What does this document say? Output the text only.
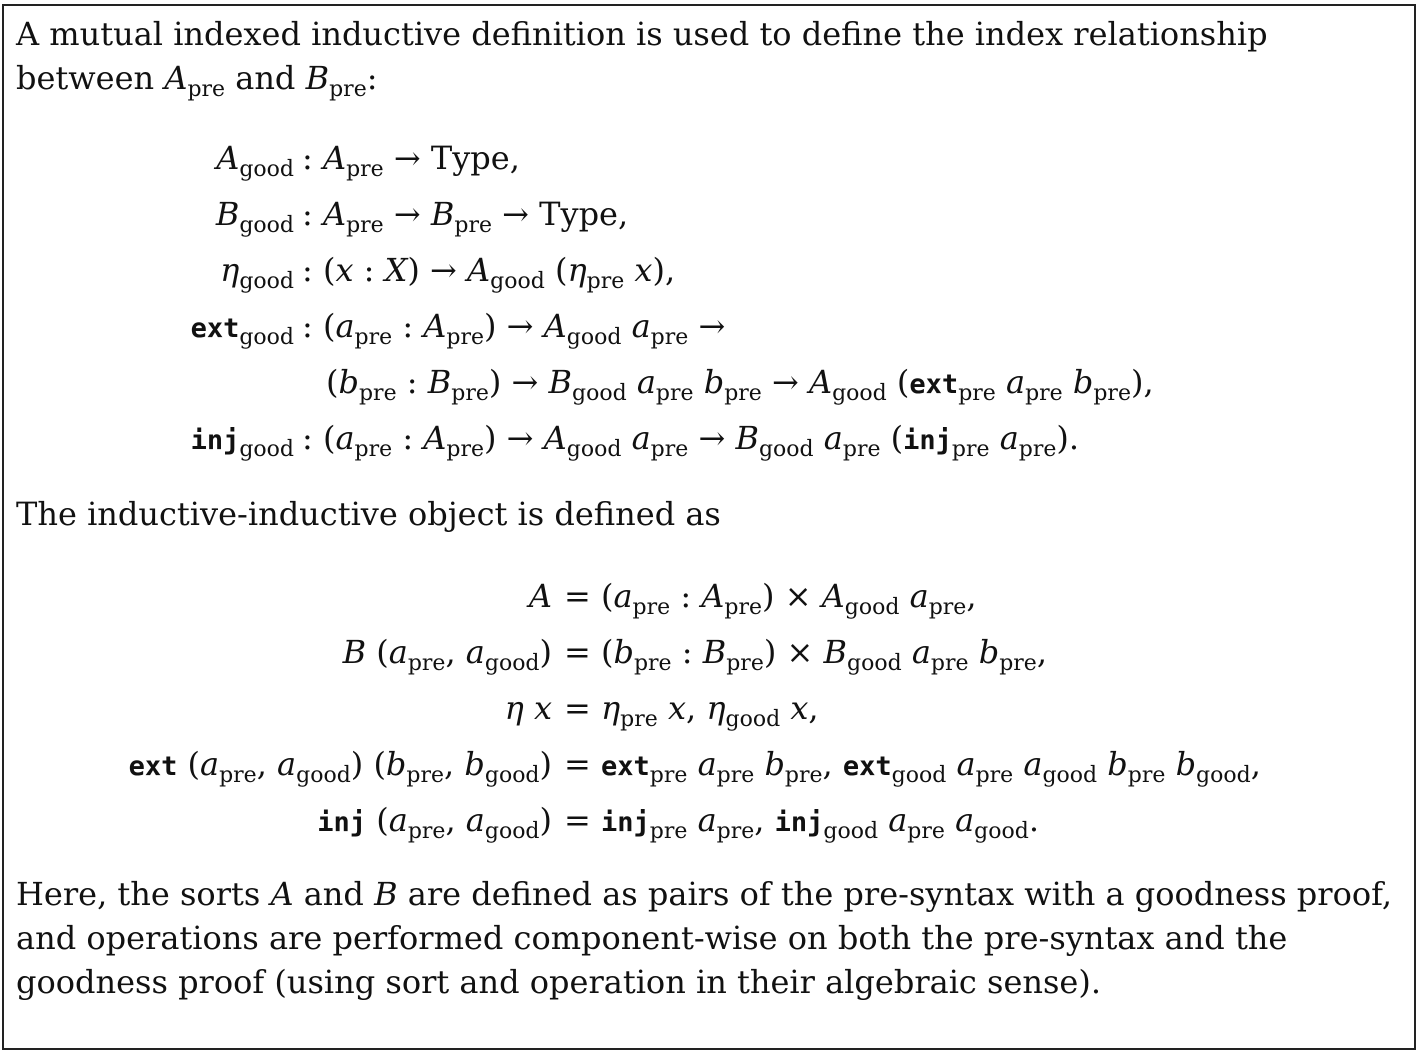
A mutual indexed inductive definition is used to define the index relationship
between $A_{pre}$ and $B_{pre}$:
$A_{good}$ : $A_{pre}$ → Type,
$B_{good}$ : $A_{pre} \to B_{pre}$ → Type,
$\eta_{good}$ : (x : $X) \to A_{good}$ ($\eta_{pre}$ x),
ext$_{good}$ : ($a_{pre}$ : $A_{pre}) \to A_{good}$ $a_{pre}$ →
($b_{pre}$ : $B_{pre}) \to B_{good}$ $a_{pre}$ $b_{pre} \to A_{good}$ (ext$_{pre}$ $a_{pre}$ $b_{pre}$),
inj$_{good}$ : ($a_{pre}$ : $A_{pre}) \to A_{good}$ $a_{pre} \to B_{good}$ $a_{pre}$ (inj$_{pre}$ $a_{pre}$).
The inductive-inductive object is defined as
$A = (a_{pre}$ : $A_{pre}) \times A_{good}$ $a_{pre}$,
B ($a_{pre}$, $a_{good}) = (b_{pre}$ : $B_{pre}) \times B_{good}$ $a_{pre}$ $b_{pre}$,
η $x = \eta_{pre}$ x, $\eta_{good}$ x,
ext ($a_{pre}$, $a_{good}$) ($b_{pre}$, $b_{good}) = ext_{pre}$ $a_{pre}$ $b_{pre}$, ext$_{good}$ $a_{pre}$ $a_{good}$ $b_{pre}$ $b_{good}$,
inj ($a_{pre}$, $a_{good}) = inj_{pre}$ $a_{pre}$, inj$_{good}$ $a_{pre}$ $a_{good}$.
Here, the sorts A and B are defined as pairs of the pre-syntax with a goodness proof,
and operations are performed component-wise on both the pre-syntax and the
goodness proof (using sort and operation in their algebraic sense).
